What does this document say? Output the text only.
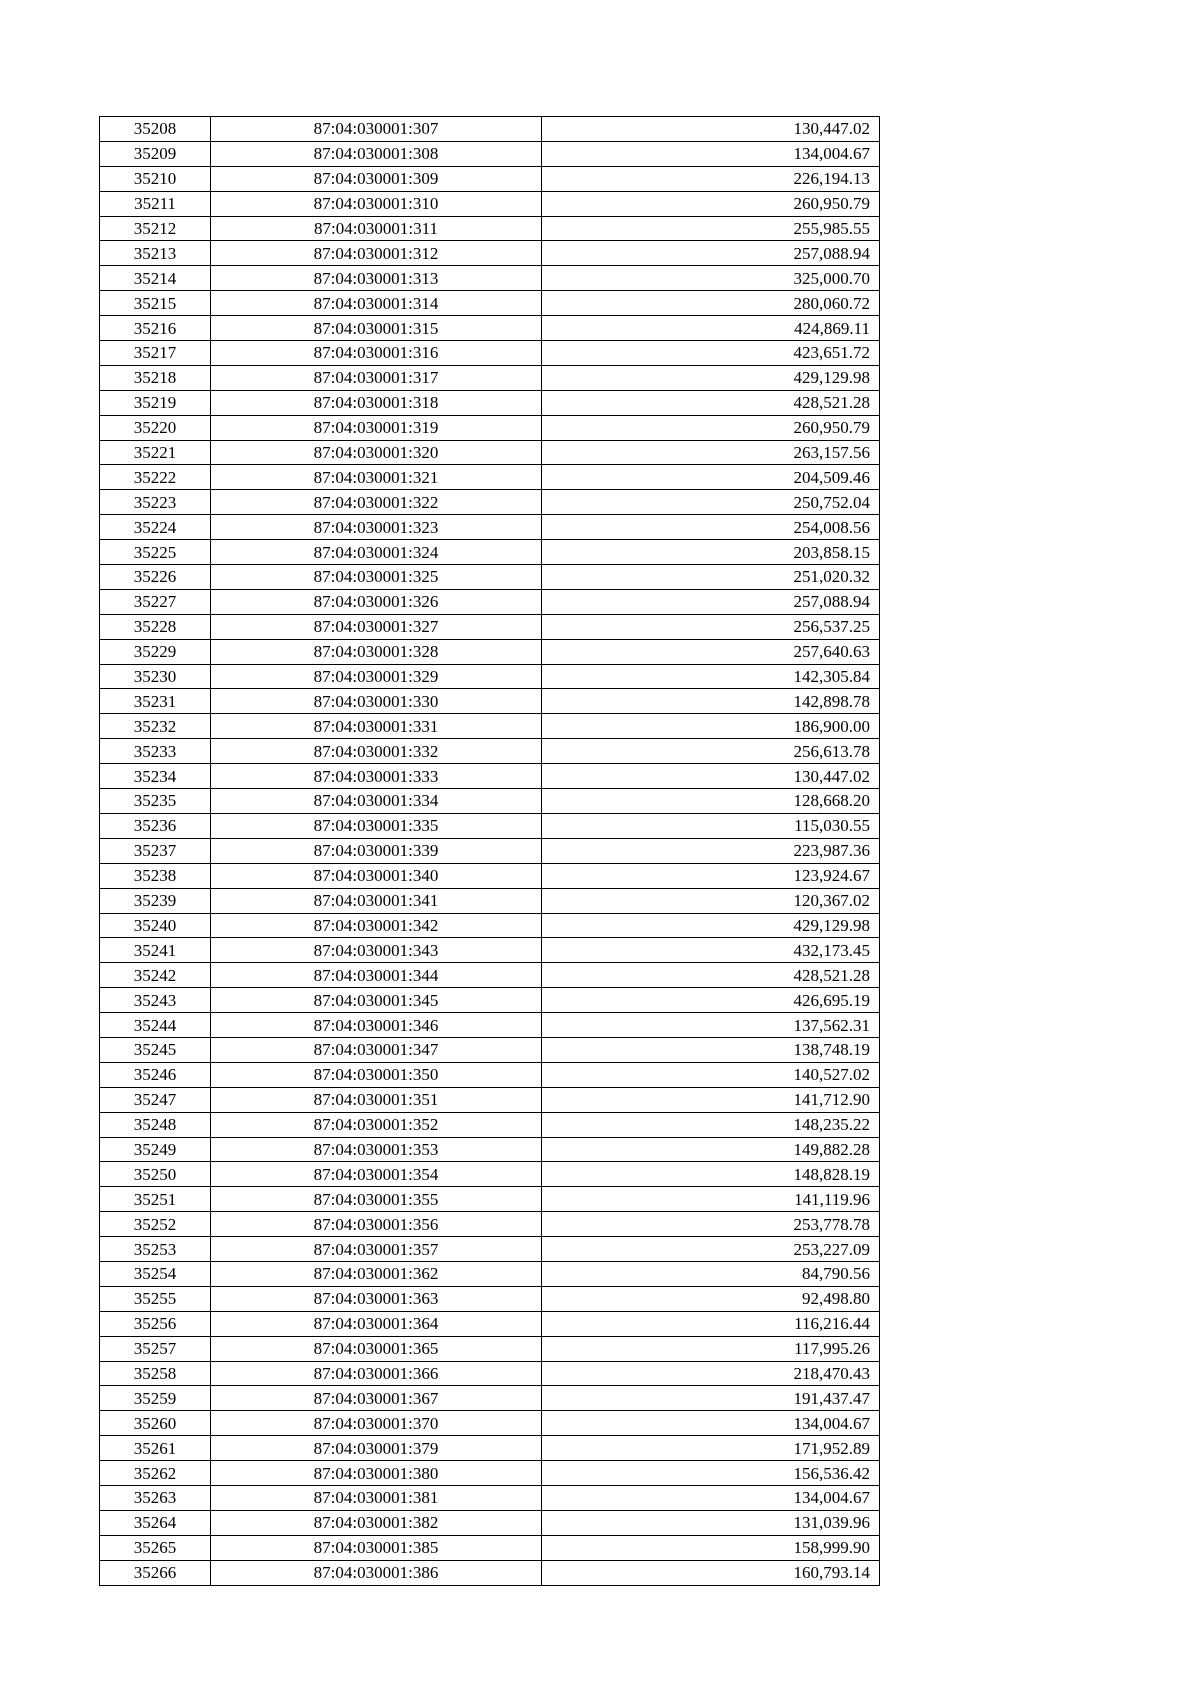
35208	87:04:030001:307	130,447.02
35209	87:04:030001:308	134,004.67
35210	87:04:030001:309	226,194.13
35211	87:04:030001:310	260,950.79
35212	87:04:030001:311	255,985.55
35213	87:04:030001:312	257,088.94
35214	87:04:030001:313	325,000.70
35215	87:04:030001:314	280,060.72
35216	87:04:030001:315	424,869.11
35217	87:04:030001:316	423,651.72
35218	87:04:030001:317	429,129.98
35219	87:04:030001:318	428,521.28
35220	87:04:030001:319	260,950.79
35221	87:04:030001:320	263,157.56
35222	87:04:030001:321	204,509.46
35223	87:04:030001:322	250,752.04
35224	87:04:030001:323	254,008.56
35225	87:04:030001:324	203,858.15
35226	87:04:030001:325	251,020.32
35227	87:04:030001:326	257,088.94
35228	87:04:030001:327	256,537.25
35229	87:04:030001:328	257,640.63
35230	87:04:030001:329	142,305.84
35231	87:04:030001:330	142,898.78
35232	87:04:030001:331	186,900.00
35233	87:04:030001:332	256,613.78
35234	87:04:030001:333	130,447.02
35235	87:04:030001:334	128,668.20
35236	87:04:030001:335	115,030.55
35237	87:04:030001:339	223,987.36
35238	87:04:030001:340	123,924.67
35239	87:04:030001:341	120,367.02
35240	87:04:030001:342	429,129.98
35241	87:04:030001:343	432,173.45
35242	87:04:030001:344	428,521.28
35243	87:04:030001:345	426,695.19
35244	87:04:030001:346	137,562.31
35245	87:04:030001:347	138,748.19
35246	87:04:030001:350	140,527.02
35247	87:04:030001:351	141,712.90
35248	87:04:030001:352	148,235.22
35249	87:04:030001:353	149,882.28
35250	87:04:030001:354	148,828.19
35251	87:04:030001:355	141,119.96
35252	87:04:030001:356	253,778.78
35253	87:04:030001:357	253,227.09
35254	87:04:030001:362	84,790.56
35255	87:04:030001:363	92,498.80
35256	87:04:030001:364	116,216.44
35257	87:04:030001:365	117,995.26
35258	87:04:030001:366	218,470.43
35259	87:04:030001:367	191,437.47
35260	87:04:030001:370	134,004.67
35261	87:04:030001:379	171,952.89
35262	87:04:030001:380	156,536.42
35263	87:04:030001:381	134,004.67
35264	87:04:030001:382	131,039.96
35265	87:04:030001:385	158,999.90
35266	87:04:030001:386	160,793.14
